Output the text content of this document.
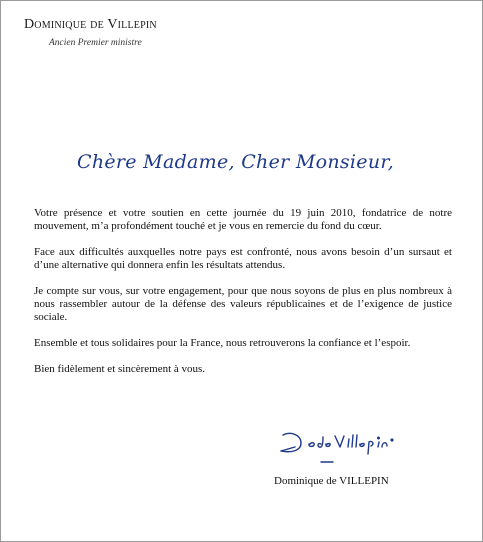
Dominique de Villepin
Ancien Premier ministre
Chère Madame, Cher Monsieur,

Votre présence et votre soutien en cette journée du 19 juin 2010, fondatrice de notre mouvement, m’a profondément touché et je vous en remercie du fond du cœur.

Face aux difficultés auxquelles notre pays est confronté, nous avons besoin d’un sursaut et d’une alternative qui donnera enfin les résultats attendus.

Je compte sur vous, sur votre engagement, pour que nous soyons de plus en plus nombreux à nous rassembler autour de la défense des valeurs républicaines et de l’exigence de justice sociale.

Ensemble et tous solidaires pour la France, nous retrouverons la confiance et l’espoir.

Bien fidèlement et sincèrement à vous.

Dominique de VILLEPIN
